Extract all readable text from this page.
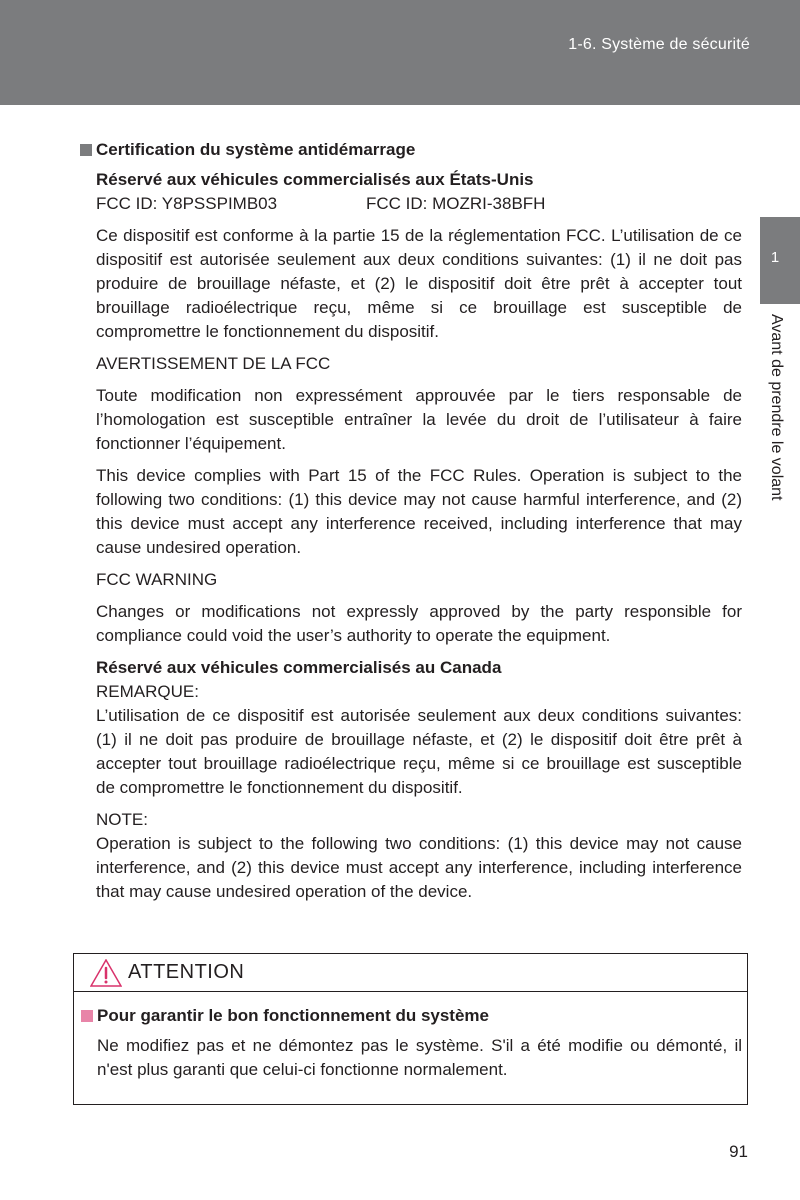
1-6. Système de sécurité
1
Avant de prendre le volant
Certification du système antidémarrage
Réservé aux véhicules commercialisés aux États-Unis
FCC ID: Y8PSSPIMB03	FCC ID: MOZRI-38BFH
Ce dispositif est conforme à la partie 15 de la réglementation FCC. L’utilisation de ce dispositif est autorisée seulement aux deux conditions suivantes: (1) il ne doit pas produire de brouillage néfaste, et (2) le dispositif doit être prêt à accepter tout brouillage radioélectrique reçu, même si ce brouillage est susceptible de compromettre le fonctionnement du dispositif.
AVERTISSEMENT DE LA FCC
Toute modification non expressément approuvée par le tiers responsable de l’homologation est susceptible entraîner la levée du droit de l’utilisateur à faire fonctionner l’équipement.
This device complies with Part 15 of the FCC Rules. Operation is subject to the following two conditions: (1) this device may not cause harmful interference, and (2) this device must accept any interference received, including interference that may cause undesired operation.
FCC WARNING
Changes or modifications not expressly approved by the party responsible for compliance could void the user’s authority to operate the equipment.
Réservé aux véhicules commercialisés au Canada
REMARQUE:
L’utilisation de ce dispositif est autorisée seulement aux deux conditions suivantes: (1) il ne doit pas produire de brouillage néfaste, et (2) le dispositif doit être prêt à accepter tout brouillage radioélectrique reçu, même si ce brouillage est susceptible de compromettre le fonctionnement du dispositif.
NOTE:
Operation is subject to the following two conditions: (1) this device may not cause interference, and (2) this device must accept any interference, including interference that may cause undesired operation of the device.
ATTENTION
Pour garantir le bon fonctionnement du système
Ne modifiez pas et ne démontez pas le système. S'il a été modifie ou démonté, il n'est plus garanti que celui-ci fonctionne normalement.
91
